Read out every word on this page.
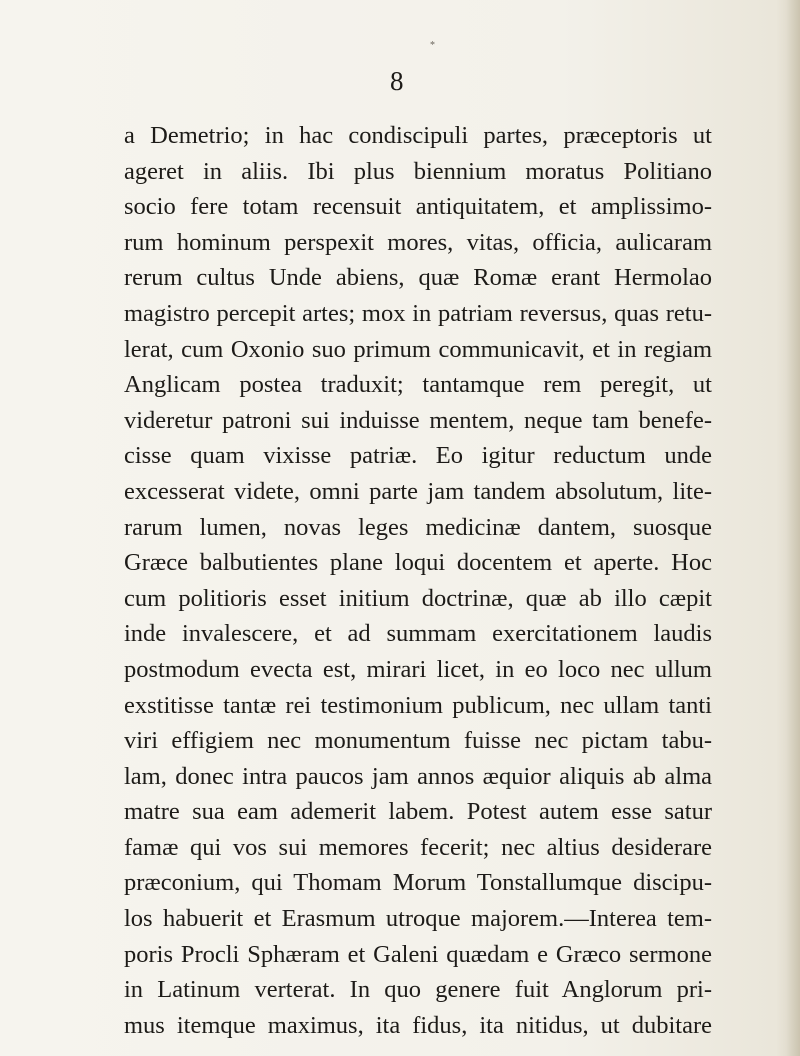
*
8
a Demetrio; in hac condiscipuli partes, præceptoris ut
ageret in aliis. Ibi plus biennium moratus Politiano
socio fere totam recensuit antiquitatem, et amplissimo-
rum hominum perspexit mores, vitas, officia, aulicaram
rerum cultus Unde abiens, quæ Romæ erant Hermolao
magistro percepit artes; mox in patriam reversus, quas retu-
lerat, cum Oxonio suo primum communicavit, et in regiam
Anglicam postea traduxit; tantamque rem peregit, ut
videretur patroni sui induisse mentem, neque tam benefe-
cisse quam vixisse patriæ. Eo igitur reductum unde
excesserat videte, omni parte jam tandem absolutum, lite-
rarum lumen, novas leges medicinæ dantem, suosque
Græce balbutientes plane loqui docentem et aperte. Hoc
cum politioris esset initium doctrinæ, quæ ab illo cæpit
inde invalescere, et ad summam exercitationem laudis
postmodum evecta est, mirari licet, in eo loco nec ullum
exstitisse tantæ rei testimonium publicum, nec ullam tanti
viri effigiem nec monumentum fuisse nec pictam tabu-
lam, donec intra paucos jam annos æquior aliquis ab alma
matre sua eam ademerit labem. Potest autem esse satur
famæ qui vos sui memores fecerit; nec altius desiderare
præconium, qui Thomam Morum Tonstallumque discipu-
los habuerit et Erasmum utroque majorem.—Interea tem-
poris Procli Sphæram et Galeni quædam e Græco sermone
in Latinum verterat. In quo genere fuit Anglorum pri-
mus itemque maximus, ita fidus, ita nitidus, ut dubitare
